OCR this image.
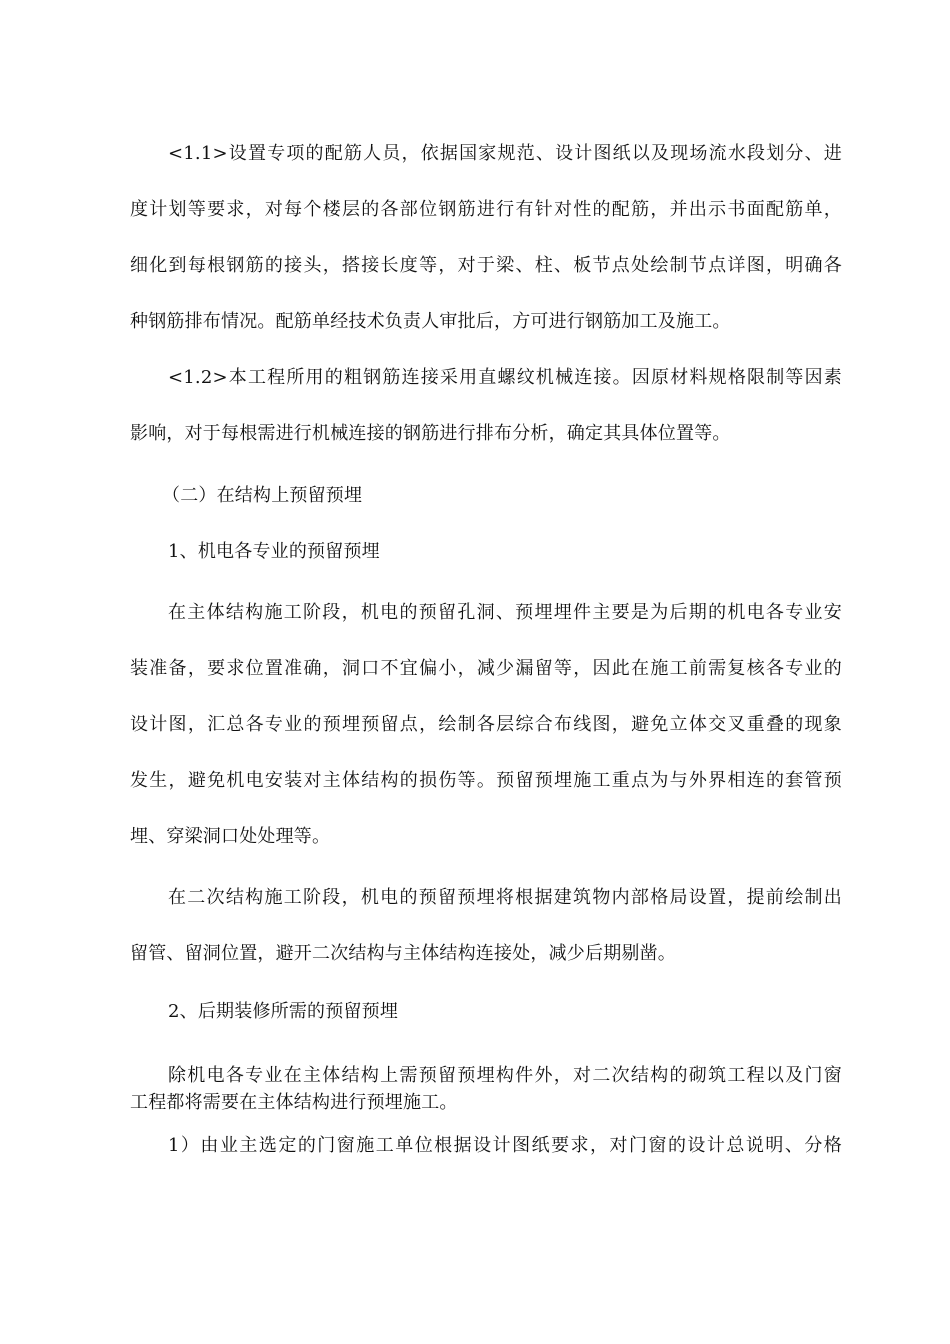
<1.1>设置专项的配筋人员，依据国家规范、设计图纸以及现场流水段划分、进
度计划等要求，对每个楼层的各部位钢筋进行有针对性的配筋，并出示书面配筋单，
细化到每根钢筋的接头，搭接长度等，对于梁、柱、板节点处绘制节点详图，明确各
种钢筋排布情况。配筋单经技术负责人审批后，方可进行钢筋加工及施工。
<1.2>本工程所用的粗钢筋连接采用直螺纹机械连接。因原材料规格限制等因素
影响，对于每根需进行机械连接的钢筋进行排布分析，确定其具体位置等。
（二）在结构上预留预埋
1、机电各专业的预留预埋
在主体结构施工阶段，机电的预留孔洞、预埋埋件主要是为后期的机电各专业安
装准备，要求位置准确，洞口不宜偏小，减少漏留等，因此在施工前需复核各专业的
设计图，汇总各专业的预埋预留点，绘制各层综合布线图，避免立体交叉重叠的现象
发生，避免机电安装对主体结构的损伤等。预留预埋施工重点为与外界相连的套管预
埋、穿梁洞口处处理等。
在二次结构施工阶段，机电的预留预埋将根据建筑物内部格局设置，提前绘制出
留管、留洞位置，避开二次结构与主体结构连接处，减少后期剔凿。
2、后期装修所需的预留预埋
除机电各专业在主体结构上需预留预埋构件外，对二次结构的砌筑工程以及门窗
工程都将需要在主体结构进行预埋施工。
1）由业主选定的门窗施工单位根据设计图纸要求，对门窗的设计总说明、分格
